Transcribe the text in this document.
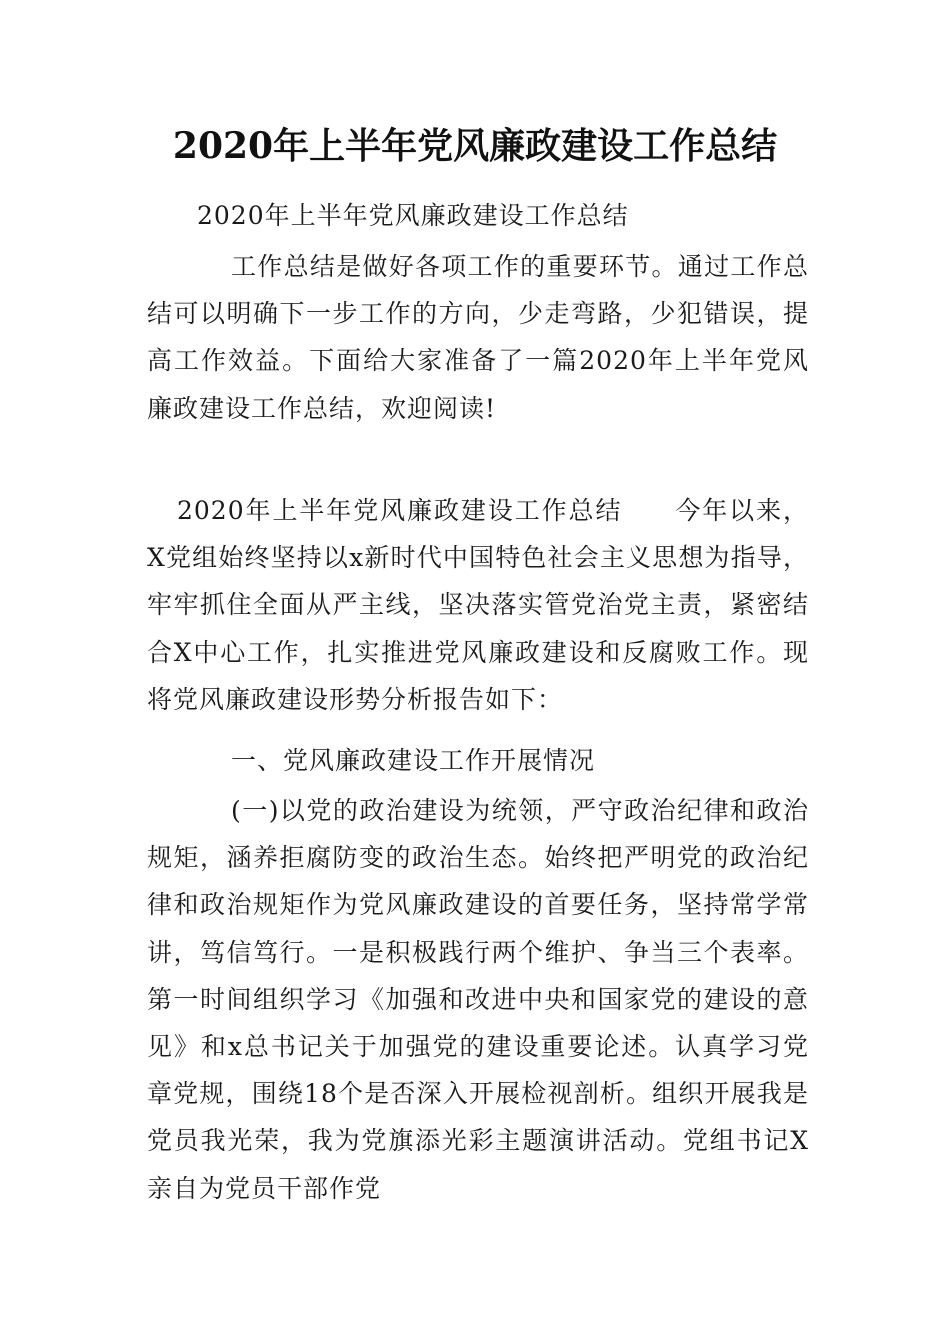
2020年上半年党风廉政建设工作总结

2020年上半年党风廉政建设工作总结

工作总结是做好各项工作的重要环节。通过工作总结可以明确下一步工作的方向，少走弯路，少犯错误，提高工作效益。下面给大家准备了一篇2020年上半年党风廉政建设工作总结，欢迎阅读!

2020年上半年党风廉政建设工作总结 今年以来，X党组始终坚持以x新时代中国特色社会主义思想为指导，牢牢抓住全面从严主线，坚决落实管党治党主责，紧密结合X中心工作，扎实推进党风廉政建设和反腐败工作。现将党风廉政建设形势分析报告如下：

一、党风廉政建设工作开展情况

(一)以党的政治建设为统领，严守政治纪律和政治规矩，涵养拒腐防变的政治生态。始终把严明党的政治纪律和政治规矩作为党风廉政建设的首要任务，坚持常学常讲，笃信笃行。一是积极践行两个维护、争当三个表率。第一时间组织学习《加强和改进中央和国家党的建设的意见》和x总书记关于加强党的建设重要论述。认真学习党章党规，围绕18个是否深入开展检视剖析。组织开展我是党员我光荣，我为党旗添光彩主题演讲活动。党组书记X亲自为党员干部作党
